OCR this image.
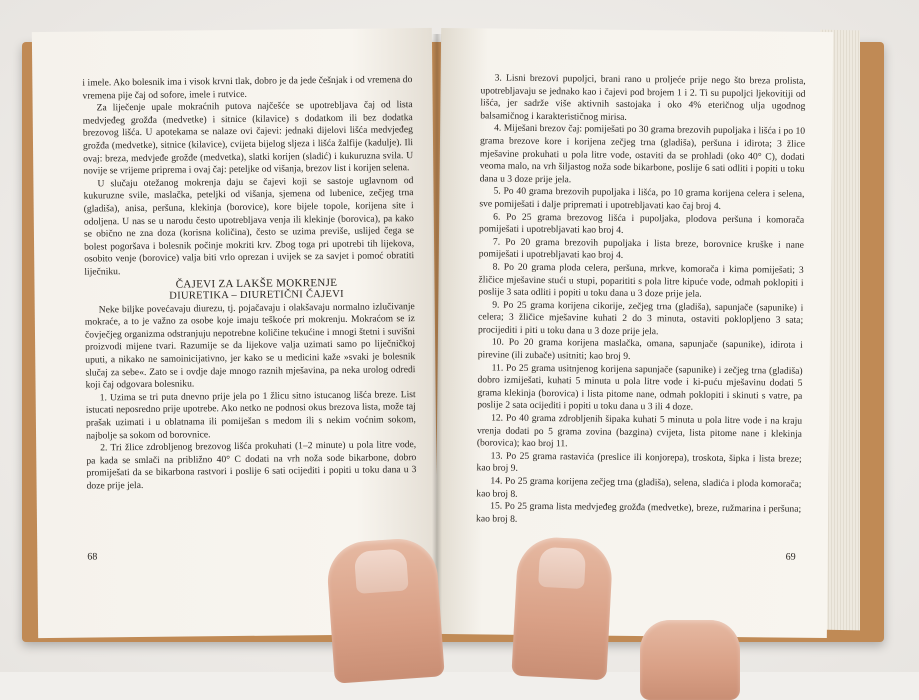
i imele. Ako bolesnik ima i visok krvni tlak, dobro je da jede češnjak i od vremena do vremena pije čaj od sofore, imele i rutvice.

Za liječenje upale mokraćnih putova najčešće se upotrebljava čaj od lista medvjeđeg grožđa (medvetke) i sitnice (kilavice) s dodatkom ili bez dodatka brezovog lišća. U apotekama se nalaze ovi čajevi: jednaki dijelovi lišća medvjeđeg grožđa (medvetke), sitnice (kilavice), cvijeta bijelog sljeza i lišća žalfije (kadulje). Ili ovaj: breza, medvjeđe grožđe (medvetka), slatki korijen (sladić) i kukuruzna svila. U novije se vrijeme priprema i ovaj čaj: peteljke od višanja, brezov list i korijen selena.

U slučaju otežanog mokrenja daju se čajevi koji se sastoje uglavnom od kukuruzne svile, maslačka, peteljki od višanja, sjemena od lubenice, zečjeg trna (gladiša), anisa, peršuna, klekinja (borovice), kore bijele topole, korijena site i odoljena. U nas se u narodu često upotrebljava venja ili klekinje (borovica), pa kako se obično ne zna doza (korisna količina), često se uzima previše, uslijed čega se bolest pogoršava i bolesnik počinje mokriti krv. Zbog toga pri upotrebi tih lijekova, osobito venje (borovice) valja biti vrlo oprezan i uvijek se za savjet i pomoć obratiti liječniku.

ČAJEVI ZA LAKŠE MOKRENJE

DIURETIKA – DIURETIČNI ČAJEVI

Neke biljke povećavaju diurezu, tj. pojačavaju i olakšavaju normalno izlučivanje mokraće, a to je važno za osobe koje imaju teškoće pri mokrenju. Mokraćom se iz čovječjeg organizma odstranjuju nepotrebne količine tekućine i mnogi štetni i suvišni proizvodi mijene tvari. Razumije se da lijekove valja uzimati samo po liječničkoj uputi, a nikako ne samoinicijativno, jer kako se u medicini kaže »svaki je bolesnik slučaj za sebe«. Zato se i ovdje daje mnogo raznih mješavina, pa neka urolog odredi koji čaj odgovara bolesniku.

1. Uzima se tri puta dnevno prije jela po 1 žlicu sitno istucanog lišća breze. List istucati neposredno prije upotrebe. Ako netko ne podnosi okus brezova lista, može taj prašak uzimati i u oblatnama ili pomiješan s medom ili s nekim voćnim sokom, najbolje sa sokom od borovnice.

2. Tri žlice zdrobljenog brezovog lišća prokuhati (1–2 minute) u pola litre vode, pa kada se smlači na približno 40° C dodati na vrh noža sode bikarbone, dobro promiješati da se bikarbona rastvori i poslije 6 sati ocijediti i popiti u toku dana u 3 doze prije jela.

68

3. Lisni brezovi pupoljci, brani rano u proljeće prije nego što breza prolista, upotrebljavaju se jednako kao i čajevi pod brojem 1 i 2. Ti su pupoljci ljekovitiji od lišća, jer sadrže više aktivnih sastojaka i oko 4% eteričnog ulja ugodnog balsamičnog i karakterističnog mirisa.

4. Miješani brezov čaj: pomiješati po 30 grama brezovih pupoljaka i lišća i po 10 grama brezove kore i korijena zečjeg trna (gladiša), peršuna i idirota; 3 žlice mješavine prokuhati u pola litre vode, ostaviti da se prohladi (oko 40° C), dodati veoma malo, na vrh šiljastog noža sode bikarbone, poslije 6 sati odliti i popiti u toku dana u 3 doze prije jela.

5. Po 40 grama brezovih pupoljaka i lišća, po 10 grama korijena celera i selena, sve pomiješati i dalje pripremati i upotrebljavati kao čaj broj 4.

6. Po 25 grama brezovog lišća i pupoljaka, plodova peršuna i komorača pomiješati i upotrebljavati kao broj 4.

7. Po 20 grama brezovih pupoljaka i lista breze, borovnice kruške i nane pomiješati i upotrebljavati kao broj 4.

8. Po 20 grama ploda celera, peršuna, mrkve, komorača i kima pomiješati; 3 žličice mješavine stući u stupi, poparititi s pola litre kipuće vode, odmah poklopiti i poslije 3 sata odliti i popiti u toku dana u 3 doze prije jela.

9. Po 25 grama korijena cikorije, zečjeg trna (gladiša), sapunjače (sapunike) i celera; 3 žličice mješavine kuhati 2 do 3 minuta, ostaviti poklopljeno 3 sata; procijediti i piti u toku dana u 3 doze prije jela.

10. Po 20 grama korijena maslačka, omana, sapunjače (sapunike), idirota i pirevine (ili zubače) usitniti; kao broj 9.

11. Po 25 grama usitnjenog korijena sapunjače (sapunike) i zečjeg trna (gladiša) dobro izmiješati, kuhati 5 minuta u pola litre vode i ki-puću mješavinu dodati 5 grama klekinja (borovica) i lista pitome nane, odmah poklopiti i skinuti s vatre, pa poslije 2 sata ocijediti i popiti u toku dana u 3 ili 4 doze.

12. Po 40 grama zdrobljenih šipaka kuhati 5 minuta u pola litre vode i na kraju vrenja dodati po 5 grama zovina (bazgina) cvijeta, lista pitome nane i klekinja (borovica); kao broj 11.

13. Po 25 grama rastavića (preslice ili konjorepa), troskota, šipka i lista breze; kao broj 9.

14. Po 25 grama korijena zečjeg trna (gladiša), selena, sladića i ploda komorača; kao broj 8.

15. Po 25 grama lista medvjeđeg grožđa (medvetke), breze, ružmarina i peršuna; kao broj 8.

69
